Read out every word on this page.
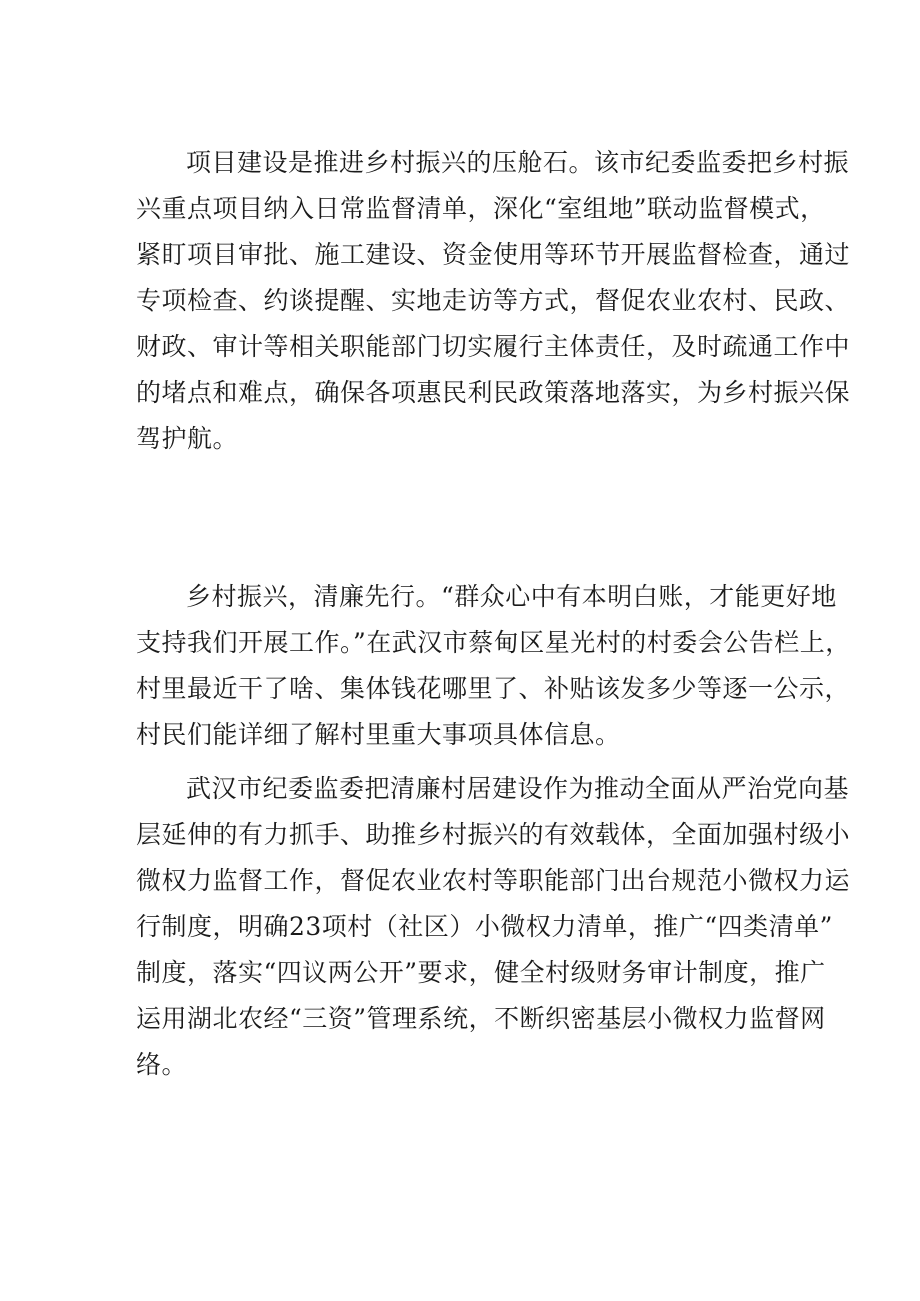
项目建设是推进乡村振兴的压舱石。该市纪委监委把乡村振
兴重点项目纳入日常监督清单，深化“室组地”联动监督模式，
紧盯项目审批、施工建设、资金使用等环节开展监督检查，通过
专项检查、约谈提醒、实地走访等方式，督促农业农村、民政、
财政、审计等相关职能部门切实履行主体责任，及时疏通工作中
的堵点和难点，确保各项惠民利民政策落地落实，为乡村振兴保
驾护航。
乡村振兴，清廉先行。“群众心中有本明白账，才能更好地
支持我们开展工作。”在武汉市蔡甸区星光村的村委会公告栏上，
村里最近干了啥、集体钱花哪里了、补贴该发多少等逐一公示，
村民们能详细了解村里重大事项具体信息。
武汉市纪委监委把清廉村居建设作为推动全面从严治党向基
层延伸的有力抓手、助推乡村振兴的有效载体，全面加强村级小
微权力监督工作，督促农业农村等职能部门出台规范小微权力运
行制度，明确23项村（社区）小微权力清单，推广“四类清单”
制度，落实“四议两公开”要求，健全村级财务审计制度，推广
运用湖北农经“三资”管理系统，不断织密基层小微权力监督网
络。
